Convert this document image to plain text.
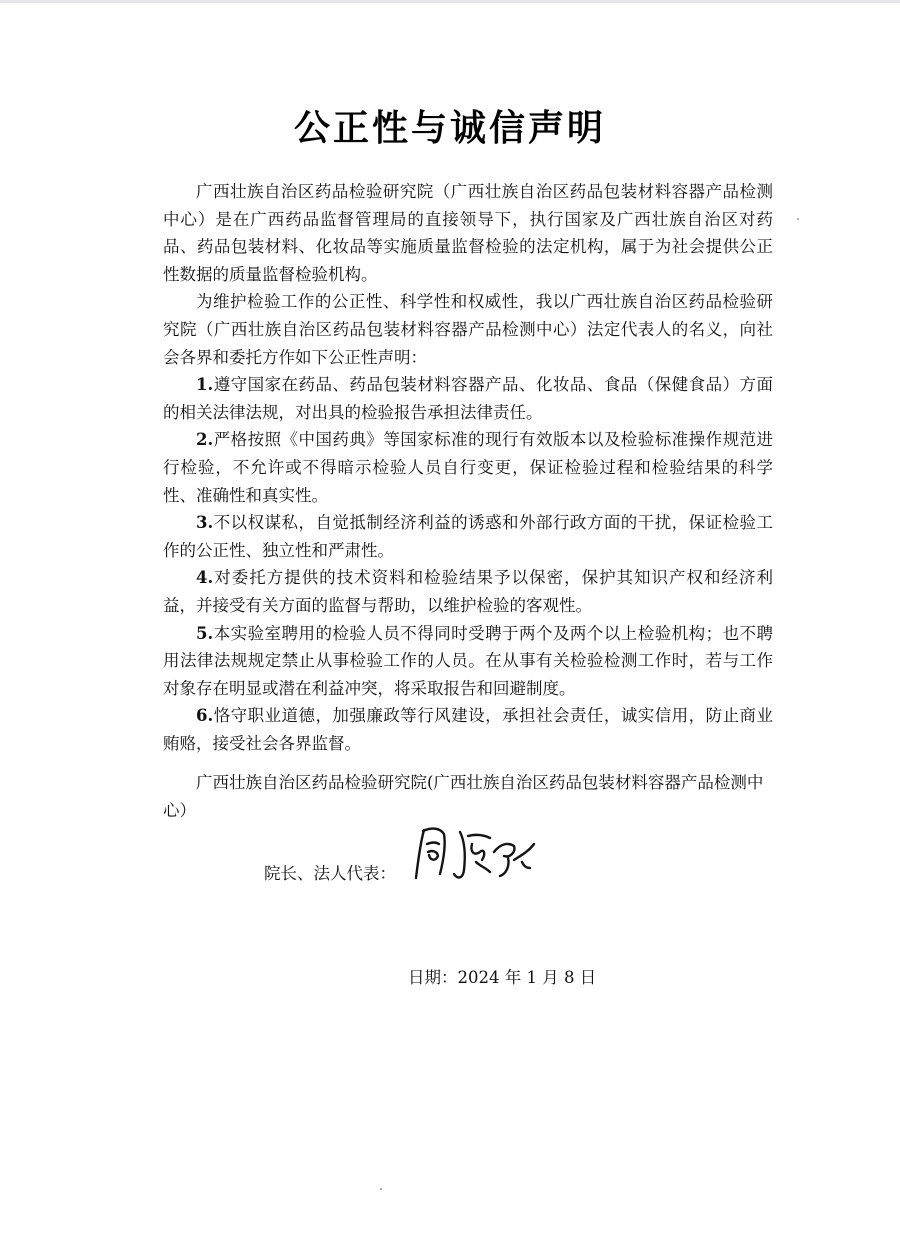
公正性与诚信声明

广西壮族自治区药品检验研究院（广西壮族自治区药品包装材料容器产品检测中心）是在广西药品监督管理局的直接领导下，执行国家及广西壮族自治区对药品、药品包装材料、化妆品等实施质量监督检验的法定机构，属于为社会提供公正性数据的质量监督检验机构。

为维护检验工作的公正性、科学性和权威性，我以广西壮族自治区药品检验研究院（广西壮族自治区药品包装材料容器产品检测中心）法定代表人的名义，向社会各界和委托方作如下公正性声明：

1.遵守国家在药品、药品包装材料容器产品、化妆品、食品（保健食品）方面的相关法律法规，对出具的检验报告承担法律责任。

2.严格按照《中国药典》等国家标准的现行有效版本以及检验标准操作规范进行检验，不允许或不得暗示检验人员自行变更，保证检验过程和检验结果的科学性、准确性和真实性。

3.不以权谋私，自觉抵制经济利益的诱惑和外部行政方面的干扰，保证检验工作的公正性、独立性和严肃性。

4.对委托方提供的技术资料和检验结果予以保密，保护其知识产权和经济利益，并接受有关方面的监督与帮助，以维护检验的客观性。

5.本实验室聘用的检验人员不得同时受聘于两个及两个以上检验机构；也不聘用法律法规规定禁止从事检验工作的人员。在从事有关检验检测工作时，若与工作对象存在明显或潜在利益冲突，将采取报告和回避制度。

6.恪守职业道德，加强廉政等行风建设，承担社会责任，诚实信用，防止商业贿赂，接受社会各界监督。

广西壮族自治区药品检验研究院(广西壮族自治区药品包装材料容器产品检测中心）
院长、法人代表：
日期：2024 年 1 月 8 日
